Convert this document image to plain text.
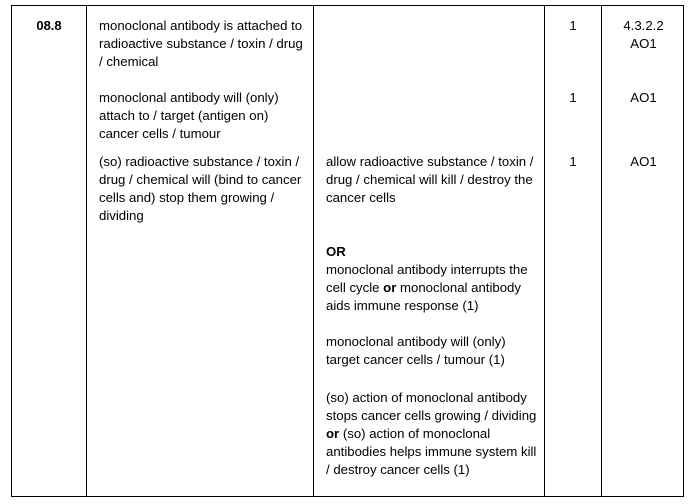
08.8	monoclonal antibody is attached to radioactive substance / toxin / drug / chemical
monoclonal antibody will (only) attach to / target (antigen on) cancer cells / tumour
(so) radioactive substance / toxin / drug / chemical will (bind to cancer cells and) stop them growing / dividing
allow radioactive substance / toxin / drug / chemical will kill / destroy the cancer cells
OR
monoclonal antibody interrupts the cell cycle or monoclonal antibody aids immune response (1)
monoclonal antibody will (only) target cancer cells / tumour (1)
(so) action of monoclonal antibody stops cancer cells growing / dividing or (so) action of monoclonal antibodies helps immune system kill / destroy cancer cells (1)
1
1
1
4.3.2.2
AO1
AO1
AO1
